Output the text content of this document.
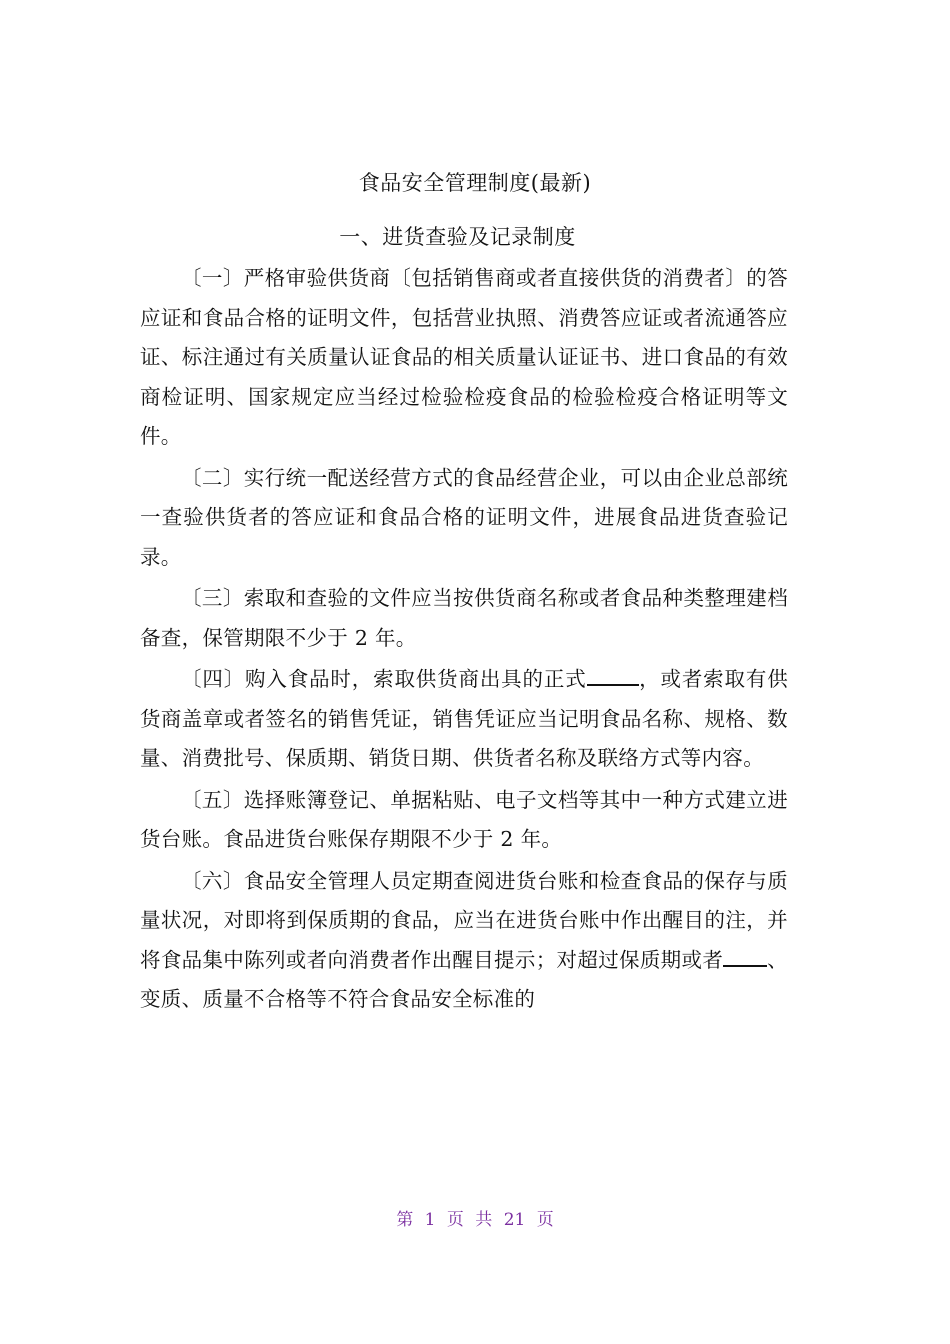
食品安全管理制度(最新)
一、进货查验及记录制度

〔一〕严格审验供货商〔包括销售商或者直接供货的消费者〕的答应证和食品合格的证明文件，包括营业执照、消费答应证或者流通答应证、标注通过有关质量认证食品的相关质量认证证书、进口食品的有效商检证明、国家规定应当经过检验检疫食品的检验检疫合格证明等文件。

〔二〕实行统一配送经营方式的食品经营企业，可以由企业总部统一查验供货者的答应证和食品合格的证明文件，进展食品进货查验记录。

〔三〕索取和查验的文件应当按供货商名称或者食品种类整理建档备查，保管期限不少于 2 年。

〔四〕购入食品时，索取供货商出具的正式	，或者索取有供货商盖章或者签名的销售凭证，销售凭证应当记明食品名称、规格、数量、消费批号、保质期、销货日期、供货者名称及联络方式等内容。

〔五〕选择账簿登记、单据粘贴、电子文档等其中一种方式建立进货台账。食品进货台账保存期限不少于 2 年。

〔六〕食品安全管理人员定期查阅进货台账和检查食品的保存与质量状况，对即将到保质期的食品，应当在进货台账中作出醒目的注，并将食品集中陈列或者向消费者作出醒目提示；对超过保质期或者 、变质、质量不合格等不符合食品安全标准的

第 1 页 共 21 页
